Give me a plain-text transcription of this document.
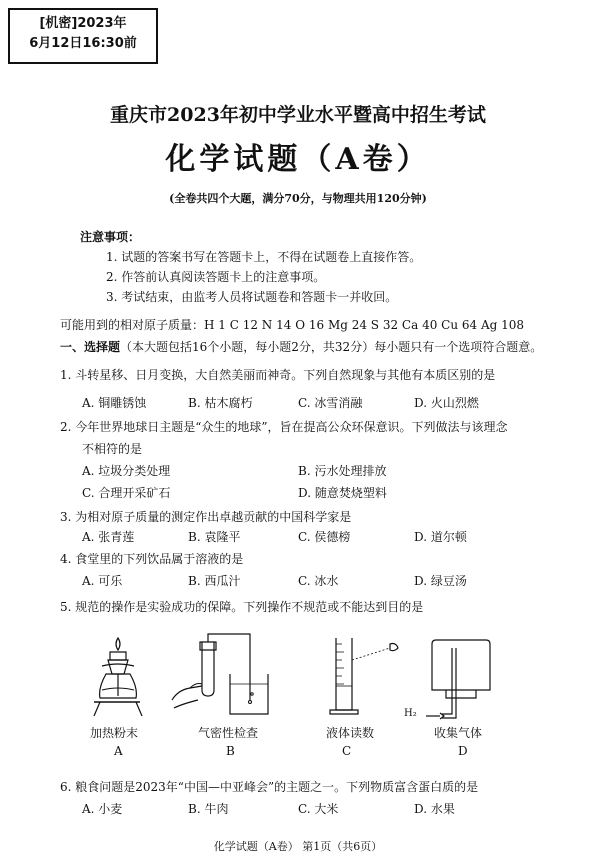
[机密]2023年
6月12日16:30前
重庆市2023年初中学业水平暨高中招生考试
化学试题（A卷）
(全卷共四个大题，满分70分，与物理共用120分钟)
注意事项：
1. 试题的答案书写在答题卡上，不得在试题卷上直接作答。
2. 作答前认真阅读答题卡上的注意事项。
3. 考试结束，由监考人员将试题卷和答题卡一并收回。
可能用到的相对原子质量：H 1 C 12 N 14 O 16 Mg 24 S 32 Ca 40 Cu 64 Ag 108
一、选择题（本大题包括16个小题，每小题2分，共32分）每小题只有一个选项符合题意。
1. 斗转星移、日月变换，大自然美丽而神奇。下列自然现象与其他有本质区别的是
A. 铜雕锈蚀	B. 枯木腐朽	C. 冰雪消融	D. 火山烈燃
2. 今年世界地球日主题是“众生的地球”，旨在提高公众环保意识。下列做法与该理念
不相符的是
A. 垃圾分类处理	B. 污水处理排放
C. 合理开采矿石	D. 随意焚烧塑料
3. 为相对原子质量的测定作出卓越贡献的中国科学家是
A. 张青莲	B. 袁隆平	C. 侯德榜	D. 道尔顿
4. 食堂里的下列饮品属于溶液的是
A. 可乐	B. 西瓜汁	C. 冰水	D. 绿豆汤
5. 规范的操作是实验成功的保障。下列操作不规范或不能达到目的是
加热粉末
A
气密性检查
B
液体读数
C
H₂
收集气体
D
6. 粮食问题是2023年“中国—中亚峰会”的主题之一。下列物质富含蛋白质的是
A. 小麦	B. 牛肉	C. 大米	D. 水果
化学试题（A卷） 第1页（共6页）
